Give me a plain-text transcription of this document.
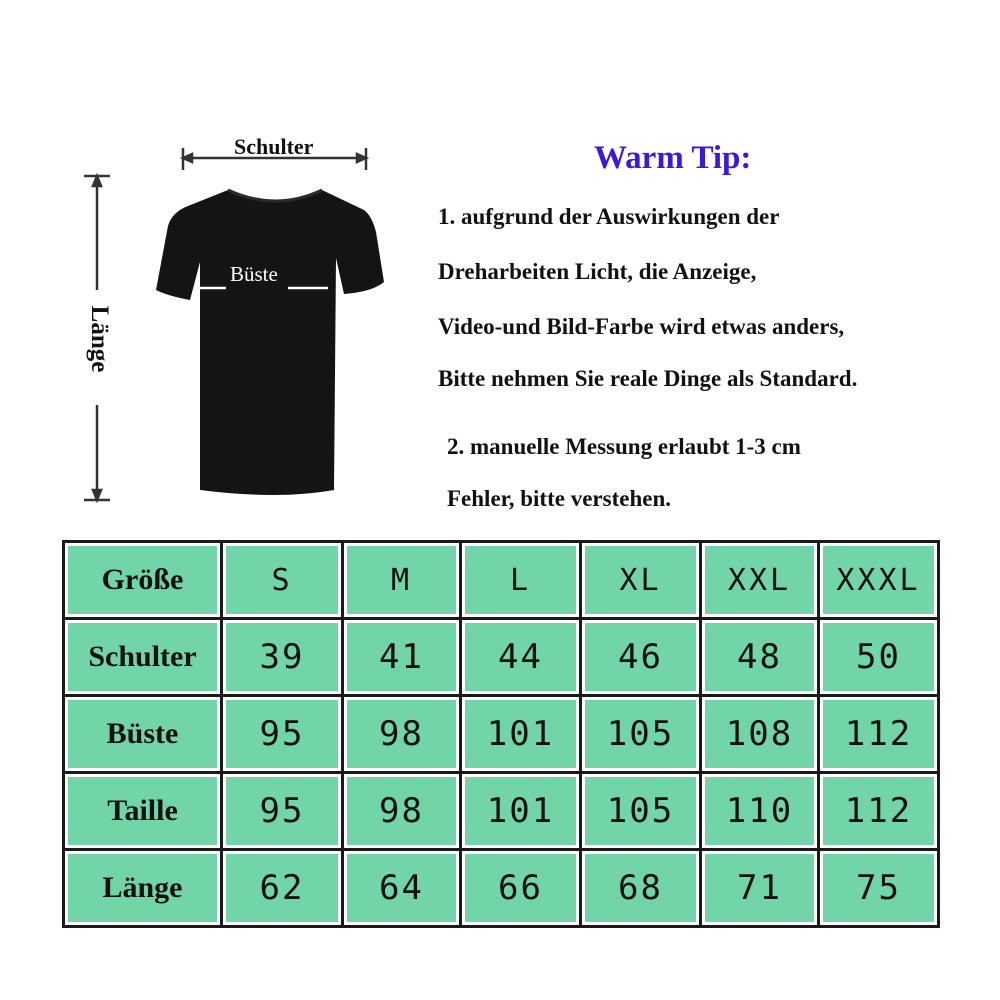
Schulter
Büste
Länge
Warm Tip:
1. aufgrund der Auswirkungen der
Dreharbeiten Licht, die Anzeige,
Video-und Bild-Farbe wird etwas anders,
Bitte nehmen Sie reale Dinge als Standard.
2. manuelle Messung erlaubt 1-3 cm
Fehler, bitte verstehen.
Größe	S	M	L	XL	XXL	XXXL
Schulter	39	41	44	46	48	50
Büste	95	98	101	105	108	112
Taille	95	98	101	105	110	112
Länge	62	64	66	68	71	75
